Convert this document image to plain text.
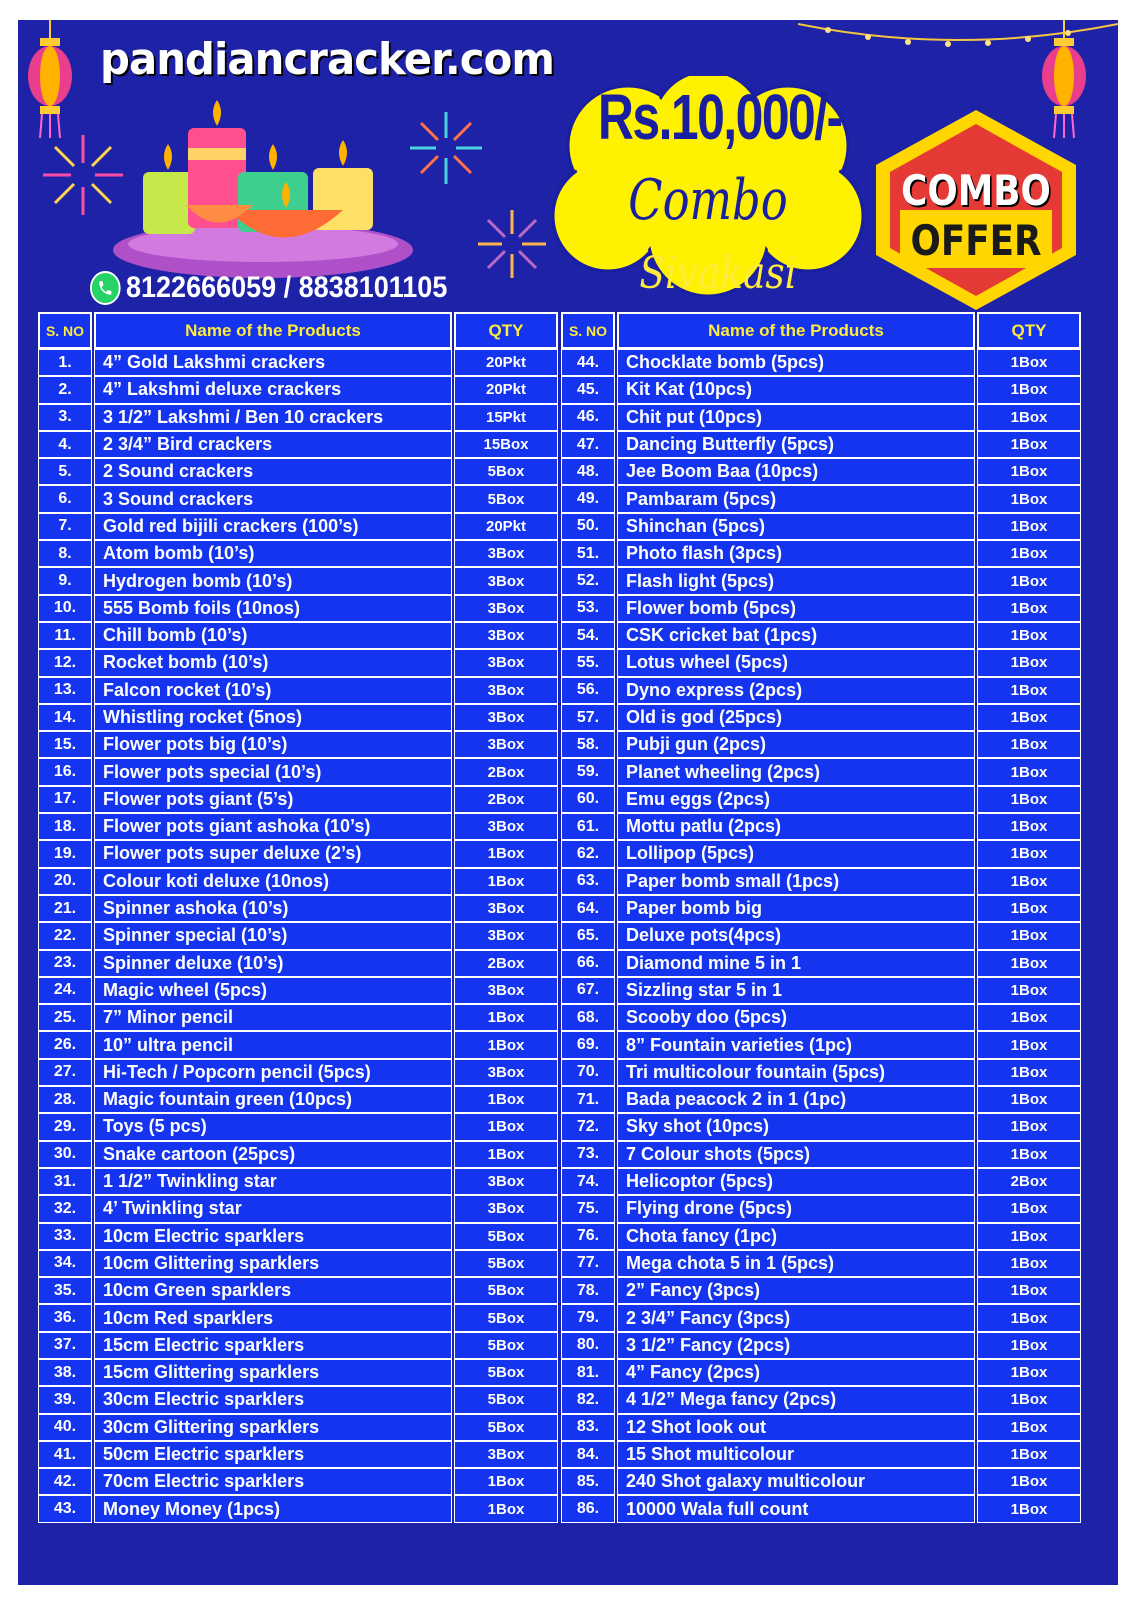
pandiancracker.com
8122666059 / 8838101105
Rs.10,000/-
Combo
Sivakasi
COMBO
OFFER
S. NO	Name of the Products	QTY
1.	4” Gold Lakshmi crackers	20Pkt
2.	4” Lakshmi deluxe crackers	20Pkt
3.	3 1/2” Lakshmi / Ben 10 crackers	15Pkt
4.	2 3/4” Bird crackers	15Box
5.	2 Sound crackers	5Box
6.	3 Sound crackers	5Box
7.	Gold red bijili crackers (100’s)	20Pkt
8.	Atom bomb (10’s)	3Box
9.	Hydrogen bomb (10’s)	3Box
10.	555 Bomb foils (10nos)	3Box
11.	Chill bomb (10’s)	3Box
12.	Rocket bomb (10’s)	3Box
13.	Falcon rocket (10’s)	3Box
14.	Whistling rocket (5nos)	3Box
15.	Flower pots big (10’s)	3Box
16.	Flower pots special (10’s)	2Box
17.	Flower pots giant (5’s)	2Box
18.	Flower pots giant ashoka (10’s)	3Box
19.	Flower pots super deluxe (2’s)	1Box
20.	Colour koti deluxe (10nos)	1Box
21.	Spinner ashoka (10’s)	3Box
22.	Spinner special (10’s)	3Box
23.	Spinner deluxe (10’s)	2Box
24.	Magic wheel (5pcs)	3Box
25.	7” Minor pencil	1Box
26.	10” ultra pencil	1Box
27.	Hi-Tech / Popcorn pencil (5pcs)	3Box
28.	Magic fountain green (10pcs)	1Box
29.	Toys (5 pcs)	1Box
30.	Snake cartoon (25pcs)	1Box
31.	1 1/2” Twinkling star	3Box
32.	4’ Twinkling star	3Box
33.	10cm Electric sparklers	5Box
34.	10cm Glittering sparklers	5Box
35.	10cm Green sparklers	5Box
36.	10cm Red sparklers	5Box
37.	15cm Electric sparklers	5Box
38.	15cm Glittering sparklers	5Box
39.	30cm Electric sparklers	5Box
40.	30cm Glittering sparklers	5Box
41.	50cm Electric sparklers	3Box
42.	70cm Electric sparklers	1Box
43.	Money Money (1pcs)	1Box
S. NO	Name of the Products	QTY
44.	Chocklate bomb (5pcs)	1Box
45.	Kit Kat (10pcs)	1Box
46.	Chit put (10pcs)	1Box
47.	Dancing Butterfly (5pcs)	1Box
48.	Jee Boom Baa (10pcs)	1Box
49.	Pambaram (5pcs)	1Box
50.	Shinchan (5pcs)	1Box
51.	Photo flash (3pcs)	1Box
52.	Flash light (5pcs)	1Box
53.	Flower bomb (5pcs)	1Box
54.	CSK cricket bat (1pcs)	1Box
55.	Lotus wheel (5pcs)	1Box
56.	Dyno express (2pcs)	1Box
57.	Old is god (25pcs)	1Box
58.	Pubji gun (2pcs)	1Box
59.	Planet wheeling (2pcs)	1Box
60.	Emu eggs (2pcs)	1Box
61.	Mottu patlu (2pcs)	1Box
62.	Lollipop (5pcs)	1Box
63.	Paper bomb small (1pcs)	1Box
64.	Paper bomb big	1Box
65.	Deluxe pots(4pcs)	1Box
66.	Diamond mine 5 in 1	1Box
67.	Sizzling star 5 in 1	1Box
68.	Scooby doo (5pcs)	1Box
69.	8” Fountain varieties (1pc)	1Box
70.	Tri multicolour fountain (5pcs)	1Box
71.	Bada peacock 2 in 1 (1pc)	1Box
72.	Sky shot (10pcs)	1Box
73.	7 Colour shots (5pcs)	1Box
74.	Helicoptor (5pcs)	2Box
75.	Flying drone (5pcs)	1Box
76.	Chota fancy (1pc)	1Box
77.	Mega chota 5 in 1 (5pcs)	1Box
78.	2” Fancy (3pcs)	1Box
79.	2 3/4” Fancy (3pcs)	1Box
80.	3 1/2” Fancy (2pcs)	1Box
81.	4” Fancy (2pcs)	1Box
82.	4 1/2” Mega fancy (2pcs)	1Box
83.	12 Shot look out	1Box
84.	15 Shot multicolour	1Box
85.	240 Shot galaxy multicolour	1Box
86.	10000 Wala full count	1Box
